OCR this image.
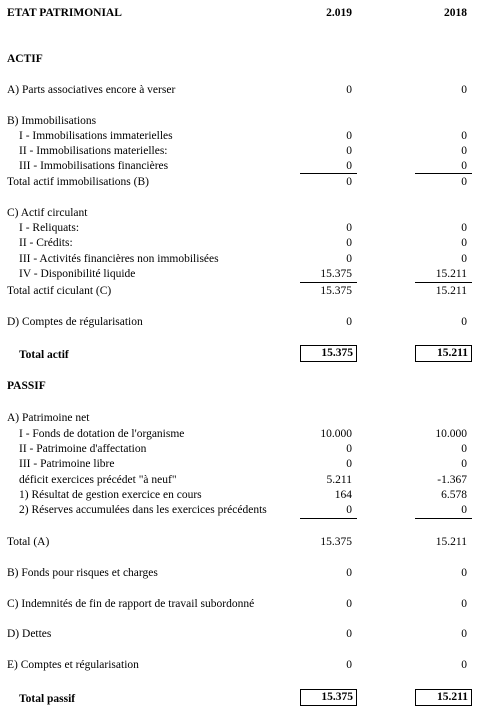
ETAT PATRIMONIAL	2.019	2018
ACTIF
A) Parts associatives encore à verser	0	0
B) Immobilisations
I - Immobilisations immaterielles	0	0
II - Immobilisations materielles:	0	0
III - Immobilisations financières	0	0
Total actif immobilisations (B)	0	0
C) Actif circulant
I - Reliquats:	0	0
II - Crédits:	0	0
III - Activités financières non immobilisées	0	0
IV - Disponibilité liquide	15.375	15.211
Total actif ciculant (C)	15.375	15.211
D) Comptes de régularisation	0	0
Total actif	15.375	15.211
PASSIF
A) Patrimoine net
I - Fonds de dotation de l'organisme	10.000	10.000
II - Patrimoine d'affectation	0	0
III - Patrimoine libre	0	0
déficit exercices précédet "à neuf"	5.211	-1.367
1) Résultat de gestion exercice en cours	164	6.578
2) Réserves accumulées dans les exercices précédents	0	0
Total (A)	15.375	15.211
B) Fonds pour risques et charges	0	0
C) Indemnités de fin de rapport de travail subordonné	0	0
D) Dettes	0	0
E) Comptes et régularisation	0	0
Total passif	15.375	15.211
